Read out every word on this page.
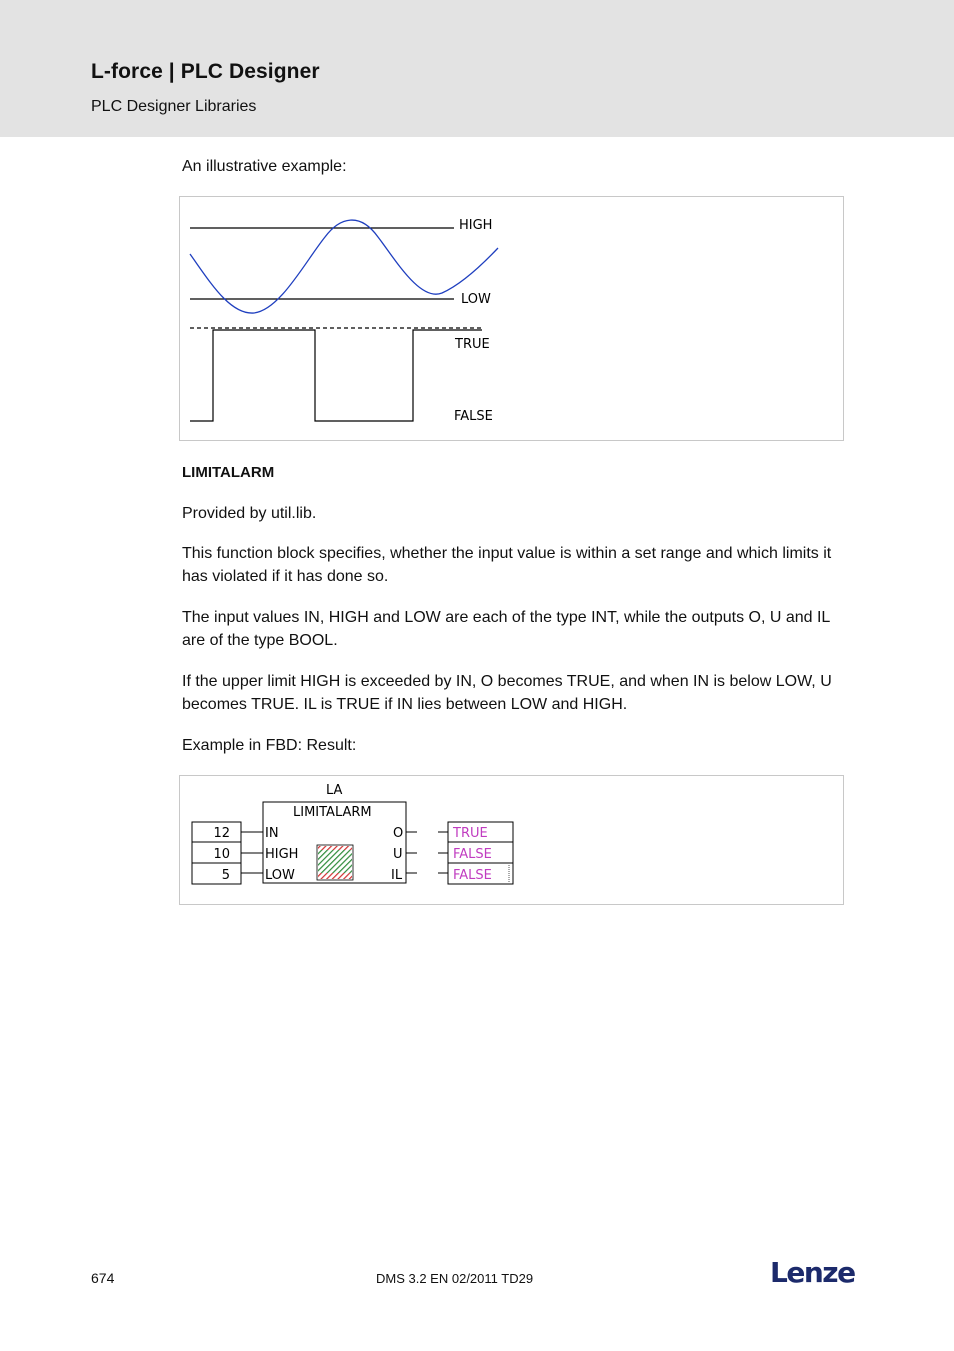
L-force | PLC Designer
PLC Designer Libraries
An illustrative example:
HIGH
LOW
TRUE
FALSE
LIMITALARM
Provided by util.lib.
This function block specifies, whether the input value is within a set range and which limits it has violated if it has done so.
The input values IN, HIGH and LOW are each of the type INT, while the outputs O, U and IL are of the type BOOL.
If the upper limit HIGH is exceeded by IN, O becomes TRUE, and when IN is below LOW, U becomes TRUE. IL is TRUE if IN lies between LOW and HIGH.
Example in FBD: Result:
LA
LIMITALARM
12
10
5
IN
HIGH
LOW
O
U
IL
TRUE
FALSE
FALSE
674	DMS 3.2 EN 02/2011 TD29	Lenze
